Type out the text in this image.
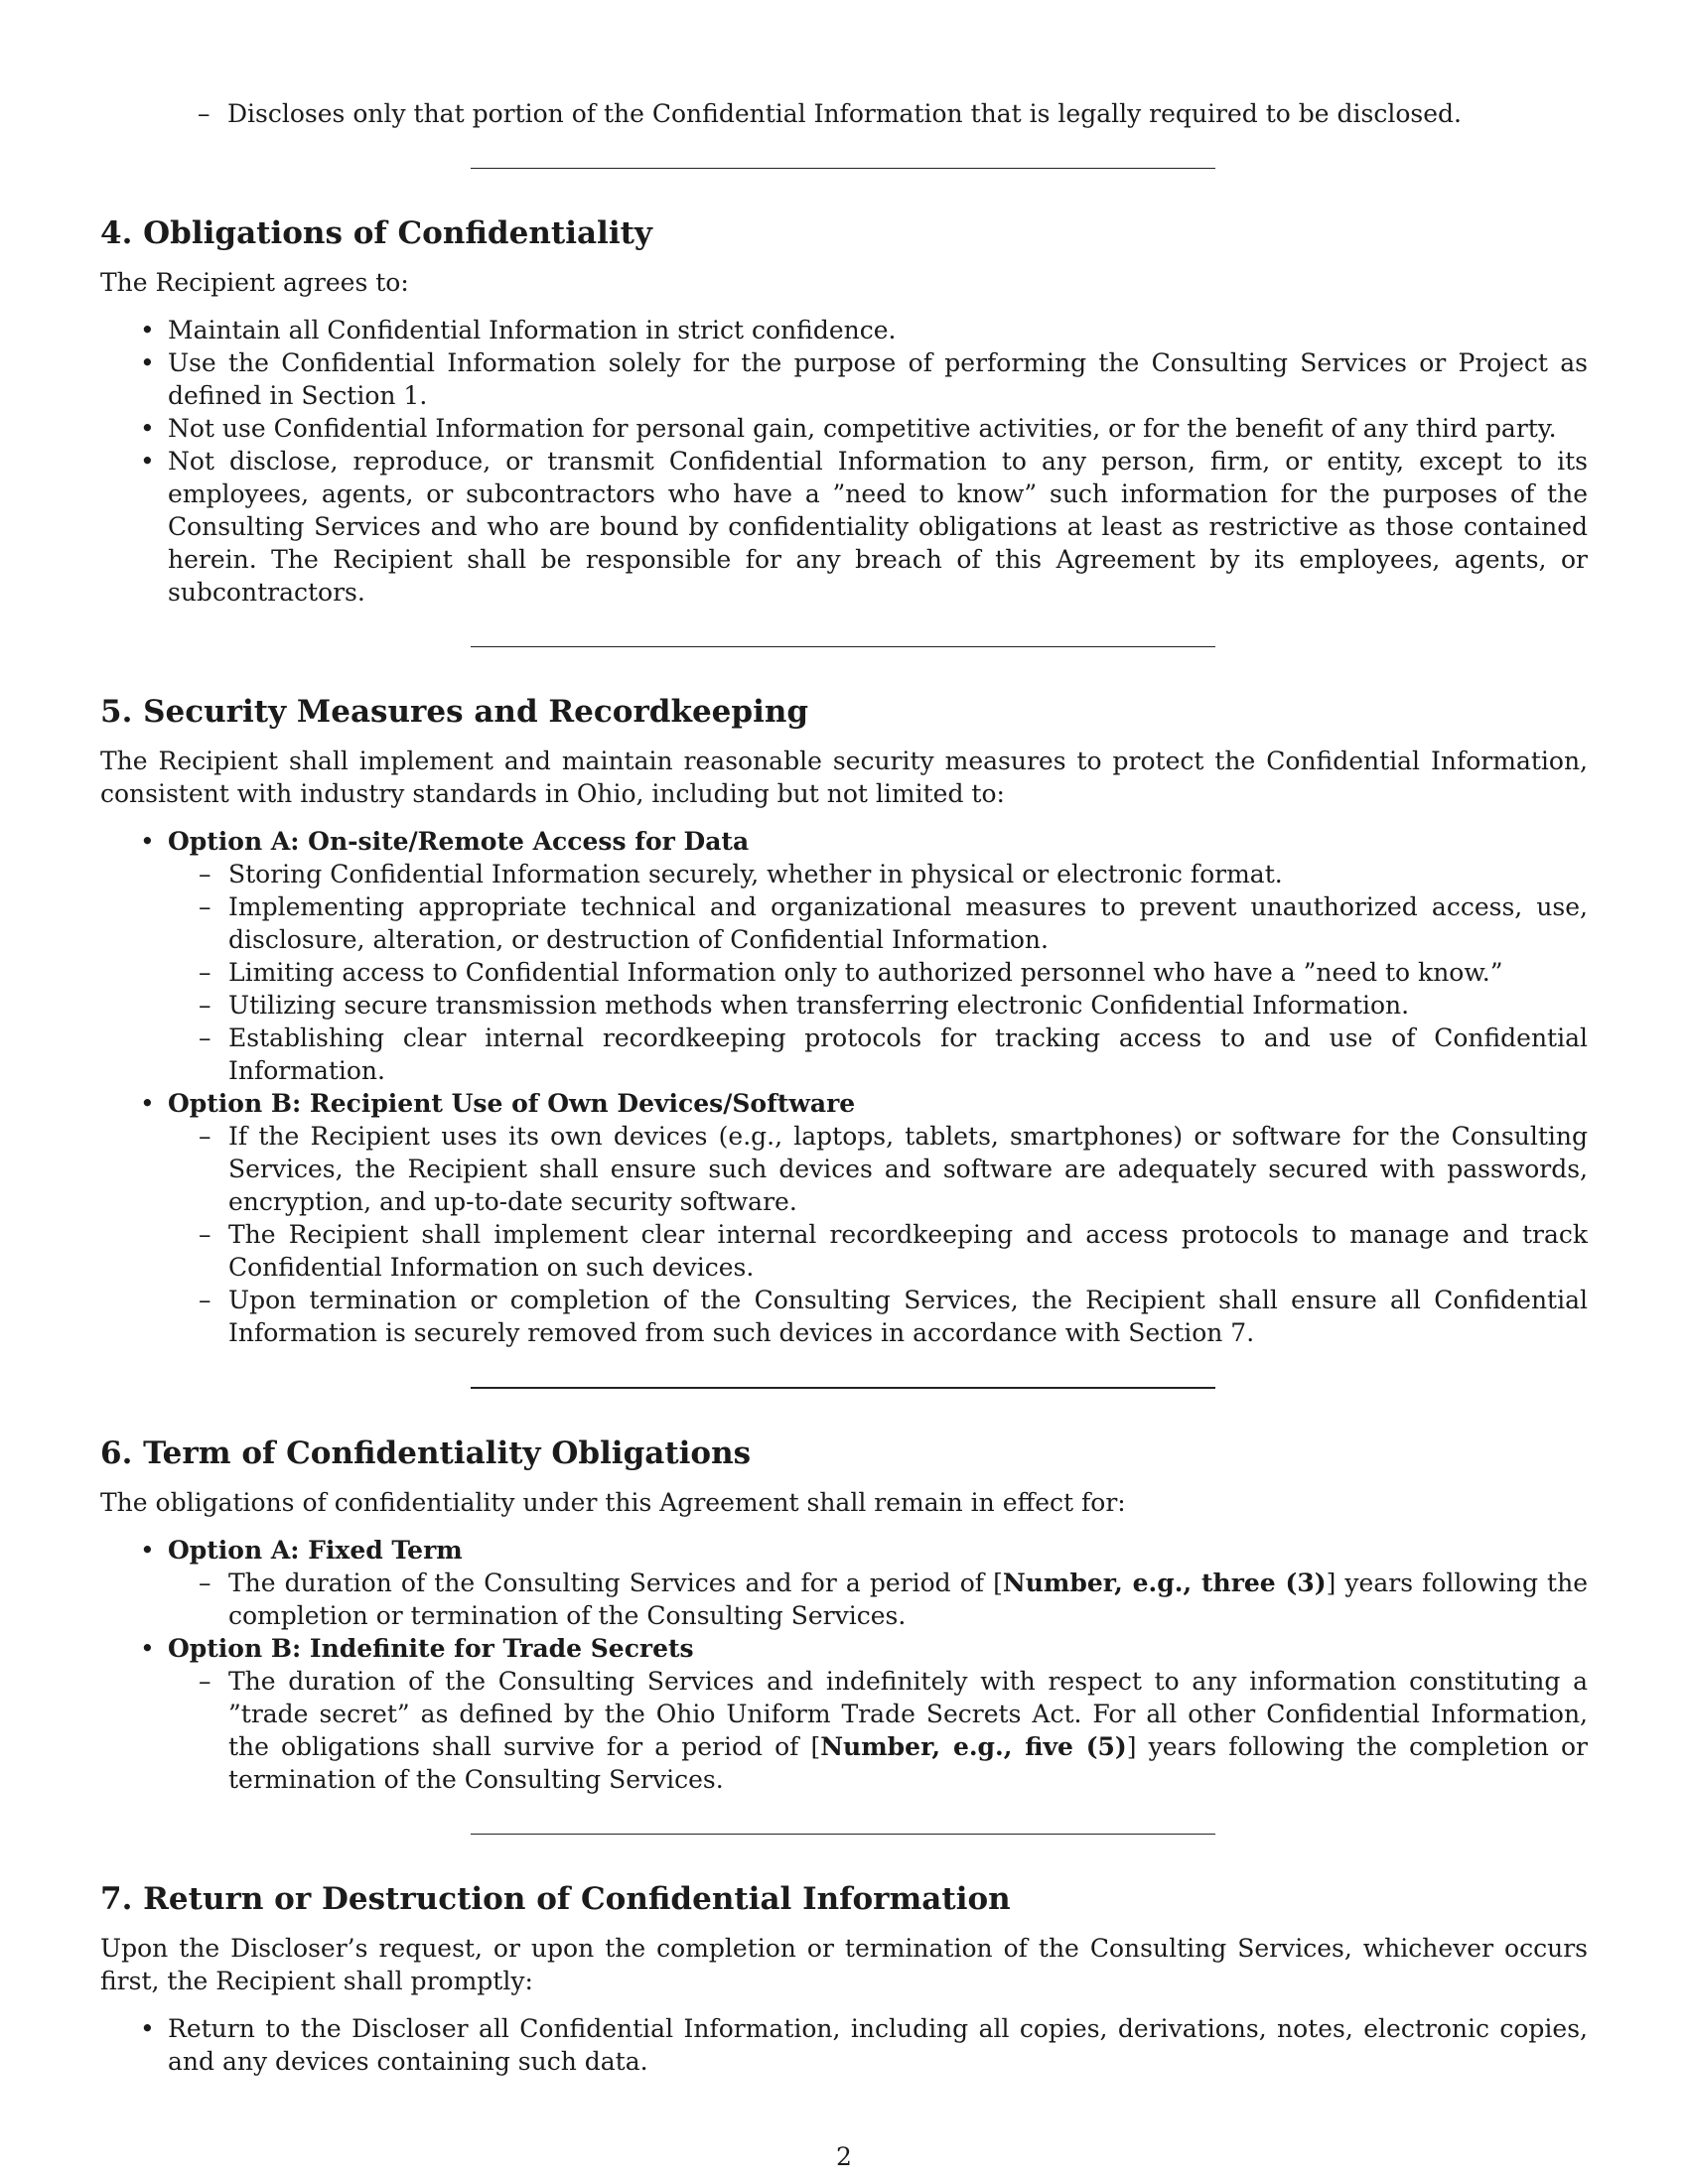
– Discloses only that portion of the Confidential Information that is legally required to be disclosed.
4. Obligations of Confidentiality

The Recipient agrees to:

• Maintain all Confidential Information in strict confidence.
• Use the Confidential Information solely for the purpose of performing the Consulting Services or Project as defined in Section 1.
• Not use Confidential Information for personal gain, competitive activities, or for the benefit of any third party.
• Not disclose, reproduce, or transmit Confidential Information to any person, firm, or entity, except to its employees, agents, or subcontractors who have a ”need to know” such information for the purposes of the Consulting Services and who are bound by confidentiality obligations at least as restrictive as those contained herein. The Recipient shall be responsible for any breach of this Agreement by its employees, agents, or subcontractors.
5. Security Measures and Recordkeeping

The Recipient shall implement and maintain reasonable security measures to protect the Confidential Information, consistent with industry standards in Ohio, including but not limited to:

• Option A: On-site/Remote Access for Data
– Storing Confidential Information securely, whether in physical or electronic format.
– Implementing appropriate technical and organizational measures to prevent unauthorized access, use, disclosure, alteration, or destruction of Confidential Information.
– Limiting access to Confidential Information only to authorized personnel who have a ”need to know.”
– Utilizing secure transmission methods when transferring electronic Confidential Information.
– Establishing clear internal recordkeeping protocols for tracking access to and use of Confidential Information.
• Option B: Recipient Use of Own Devices/Software
– If the Recipient uses its own devices (e.g., laptops, tablets, smartphones) or software for the Consulting Services, the Recipient shall ensure such devices and software are adequately secured with passwords, encryption, and up-to-date security software.
– The Recipient shall implement clear internal recordkeeping and access protocols to manage and track Confidential Information on such devices.
– Upon termination or completion of the Consulting Services, the Recipient shall ensure all Confidential Information is securely removed from such devices in accordance with Section 7.
6. Term of Confidentiality Obligations

The obligations of confidentiality under this Agreement shall remain in effect for:

• Option A: Fixed Term
– The duration of the Consulting Services and for a period of [Number, e.g., three (3)] years following the completion or termination of the Consulting Services.
• Option B: Indefinite for Trade Secrets
– The duration of the Consulting Services and indefinitely with respect to any information constituting a ”trade secret” as defined by the Ohio Uniform Trade Secrets Act. For all other Confidential Information, the obligations shall survive for a period of [Number, e.g., five (5)] years following the completion or termination of the Consulting Services.
7. Return or Destruction of Confidential Information

Upon the Discloser’s request, or upon the completion or termination of the Consulting Services, whichever occurs first, the Recipient shall promptly:

• Return to the Discloser all Confidential Information, including all copies, derivations, notes, electronic copies, and any devices containing such data.
2
